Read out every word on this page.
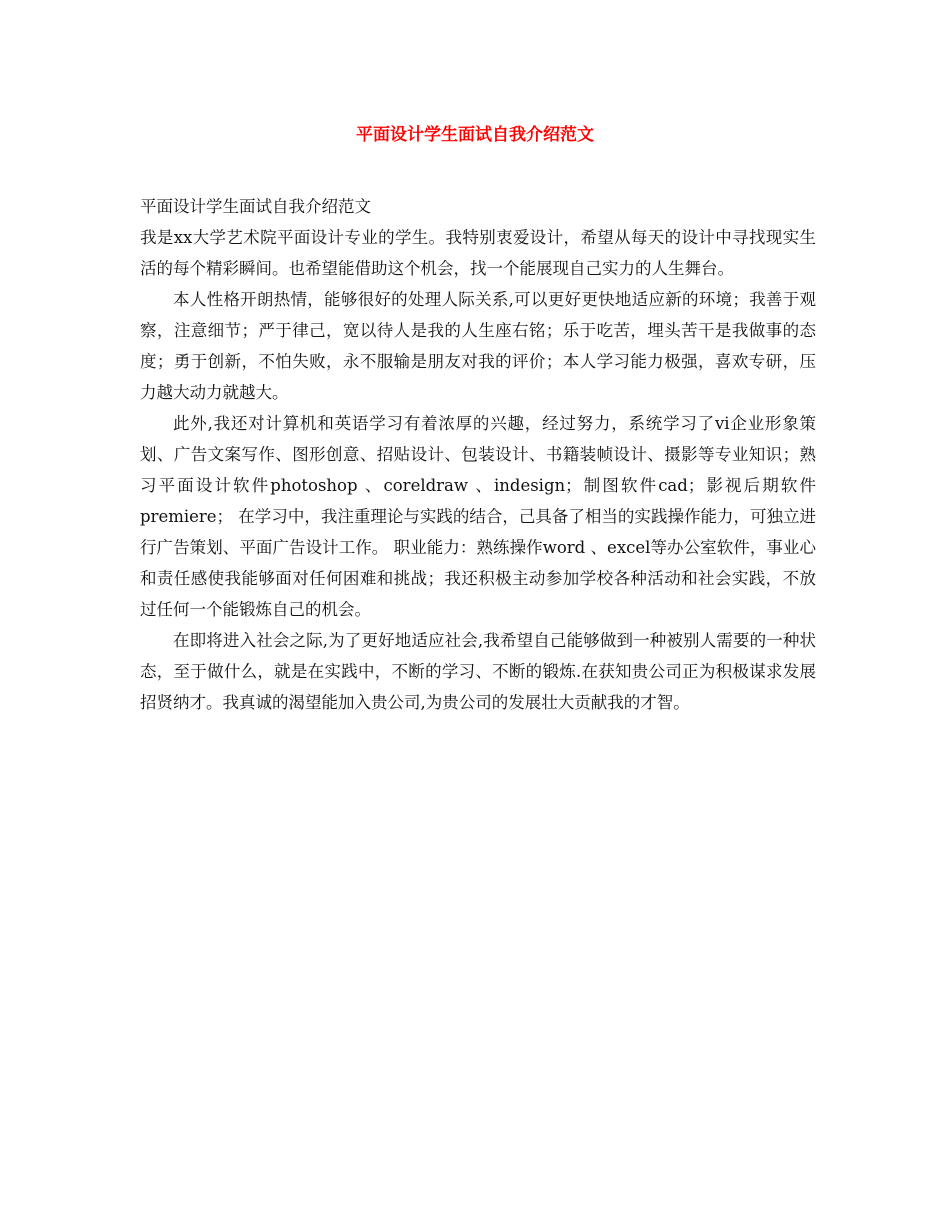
平面设计学生面试自我介绍范文

平面设计学生面试自我介绍范文

我是xx大学艺术院平面设计专业的学生。我特别衷爱设计，希望从每天的设计中寻找现实生活的每个精彩瞬间。也希望能借助这个机会，找一个能展现自己实力的人生舞台。

本人性格开朗热情，能够很好的处理人际关系,可以更好更快地适应新的环境；我善于观察，注意细节；严于律己，宽以待人是我的人生座右铭；乐于吃苦，埋头苦干是我做事的态度；勇于创新，不怕失败，永不服输是朋友对我的评价；本人学习能力极强，喜欢专研，压力越大动力就越大。

此外,我还对计算机和英语学习有着浓厚的兴趣，经过努力，系统学习了vi企业形象策划、广告文案写作、图形创意、招贴设计、包装设计、书籍装帧设计、摄影等专业知识；熟习平面设计软件photoshop 、coreldraw 、indesign；制图软件cad；影视后期软件premiere； 在学习中，我注重理论与实践的结合，己具备了相当的实践操作能力，可独立进行广告策划、平面广告设计工作。 职业能力：熟练操作word 、excel等办公室软件，事业心和责任感使我能够面对任何困难和挑战；我还积极主动参加学校各种活动和社会实践，不放过任何一个能锻炼自己的机会。

在即将进入社会之际,为了更好地适应社会,我希望自己能够做到一种被别人需要的一种状态，至于做什么，就是在实践中，不断的学习、不断的锻炼.在获知贵公司正为积极谋求发展招贤纳才。我真诚的渴望能加入贵公司,为贵公司的发展壮大贡献我的才智。
